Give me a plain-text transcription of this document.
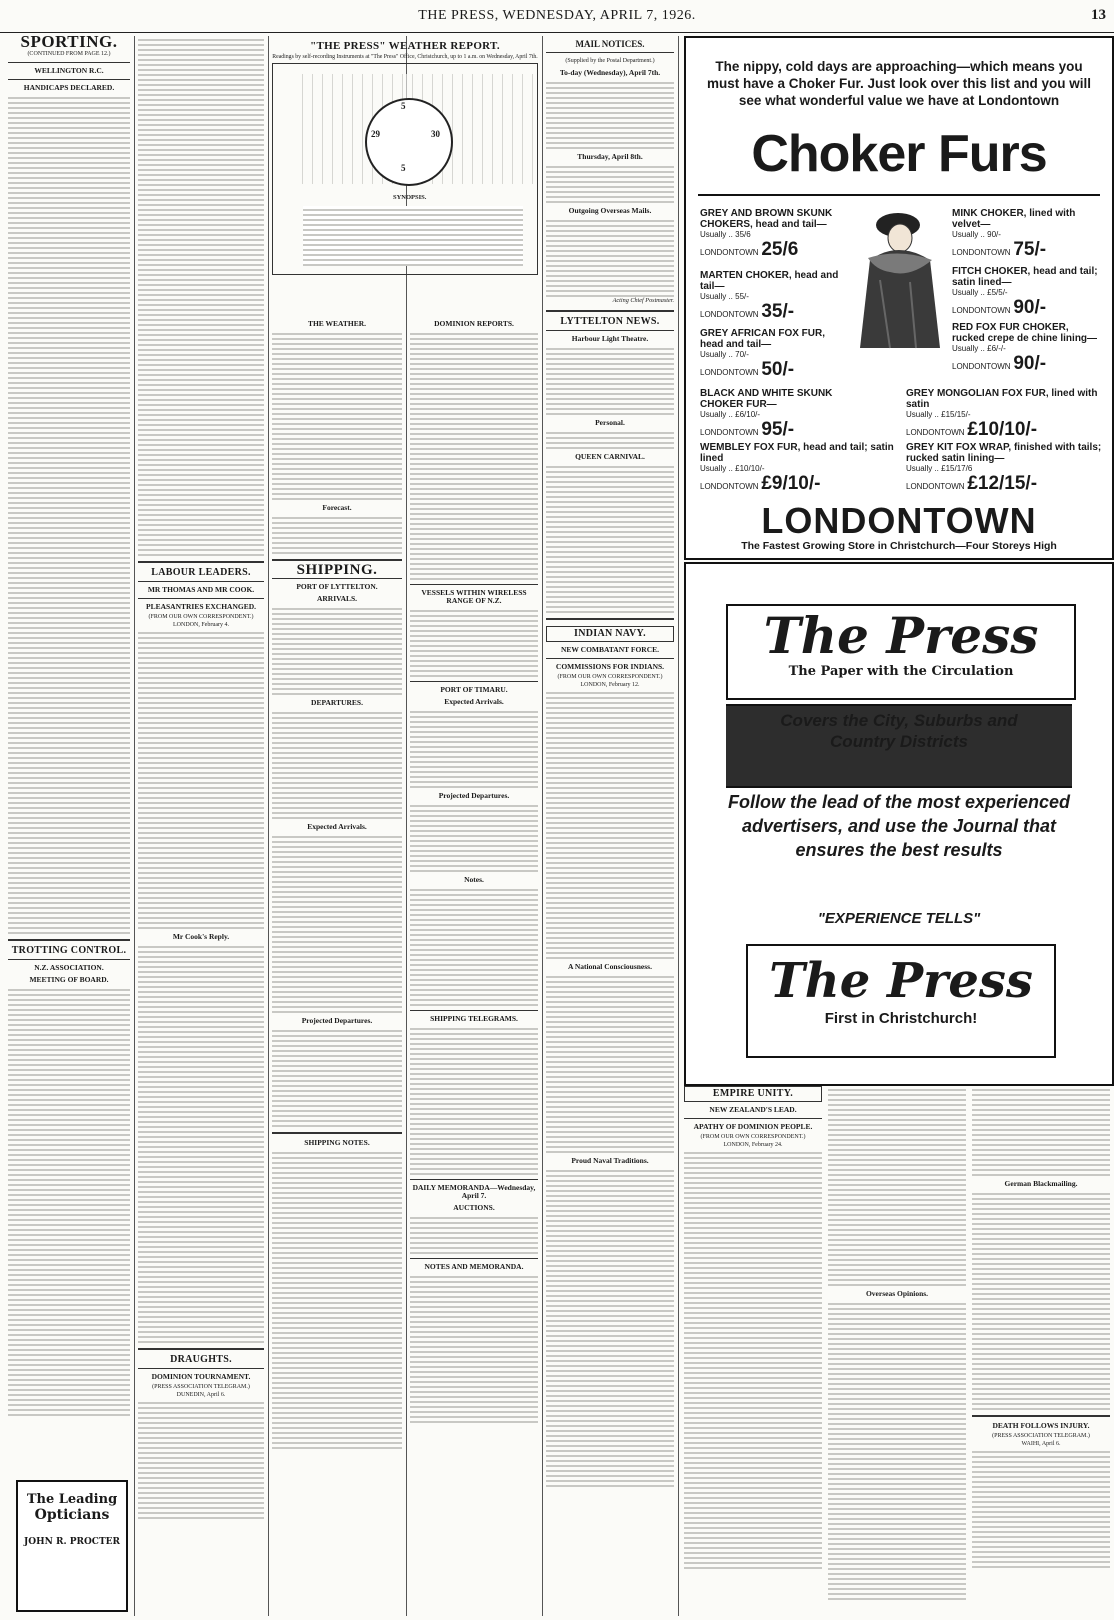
THE PRESS, WEDNESDAY, APRIL 7, 1926.	13
SPORTING.
(CONTINUED FROM PAGE 12.)
WELLINGTON R.C.
HANDICAPS DECLARED.
TROTTING CONTROL.
N.Z. ASSOCIATION.
MEETING OF BOARD.
The Leading
Opticians
JOHN R. PROCTER
LABOUR LEADERS.
MR THOMAS AND MR COOK.
PLEASANTRIES EXCHANGED.
(FROM OUR OWN CORRESPONDENT.)
LONDON, February 4.
Mr Cook's Reply.
DRAUGHTS.
DOMINION TOURNAMENT.
(PRESS ASSOCIATION TELEGRAM.)
DUNEDIN, April 6.
"THE PRESS" WEATHER REPORT.
Readings by self-recording Instruments at "The Press" Office, Christchurch, up to 1 a.m. on Wednesday, April 7th.
5
29	30
5
SYNOPSIS.
THE WEATHER.
Forecast.
SHIPPING.
PORT OF LYTTELTON.
ARRIVALS.
DEPARTURES.
Expected Arrivals.
Projected Departures.
SHIPPING NOTES.
DOMINION REPORTS.
VESSELS WITHIN WIRELESS RANGE OF N.Z.
PORT OF TIMARU.
Expected Arrivals.
Projected Departures.
Notes.
SHIPPING TELEGRAMS.
DAILY MEMORANDA—Wednesday, April 7.
AUCTIONS.
NOTES AND MEMORANDA.
MAIL NOTICES.
(Supplied by the Postal Department.)
To-day (Wednesday), April 7th.
Thursday, April 8th.
Outgoing Overseas Mails.
Acting Chief Postmaster.
LYTTELTON NEWS.
Harbour Light Theatre.
Personal.
QUEEN CARNIVAL.
INDIAN NAVY.
NEW COMBATANT FORCE.
COMMISSIONS FOR INDIANS.
(FROM OUR OWN CORRESPONDENT.)
LONDON, February 12.
A National Consciousness.
Proud Naval Traditions.
The nippy, cold days are approaching—which means you must have a Choker Fur. Just look over this list and you will see what wonderful value we have at Londontown
Choker Furs
GREY AND BROWN SKUNK CHOKERS, head and tail—
Usually .. 35/6
LONDONTOWN 25/6
MARTEN CHOKER, head and tail—
Usually .. 55/-
LONDONTOWN 35/-
GREY AFRICAN FOX FUR, head and tail—
Usually .. 70/-
LONDONTOWN 50/-
BLACK AND WHITE SKUNK CHOKER FUR—
Usually .. £6/10/-
LONDONTOWN 95/-
WEMBLEY FOX FUR, head and tail; satin lined
Usually .. £10/10/-
LONDONTOWN £9/10/-
MINK CHOKER, lined with velvet—
Usually .. 90/-
LONDONTOWN 75/-
FITCH CHOKER, head and tail; satin lined—
Usually .. £5/5/-
LONDONTOWN 90/-
RED FOX FUR CHOKER, rucked crepe de chine lining—
Usually .. £6/-/-
LONDONTOWN 90/-
GREY MONGOLIAN FOX FUR, lined with satin
Usually .. £15/15/-
LONDONTOWN £10/10/-
GREY KIT FOX WRAP, finished with tails; rucked satin lining—
Usually .. £15/17/6
LONDONTOWN £12/15/-
LONDONTOWN
The Fastest Growing Store in Christchurch—Four Storeys High
The Press
The Paper with the Circulation
Covers the City, Suburbs and Country Districts
Follow the lead of the most experienced advertisers, and use the Journal that ensures the best results
"EXPERIENCE TELLS"
The Press
First in Christchurch!
EMPIRE UNITY.
NEW ZEALAND'S LEAD.
APATHY OF DOMINION PEOPLE.
(FROM OUR OWN CORRESPONDENT.)
LONDON, February 24.
Overseas Opinions.
German Blackmailing.
DEATH FOLLOWS INJURY.
(PRESS ASSOCIATION TELEGRAM.)
WAIHI, April 6.
